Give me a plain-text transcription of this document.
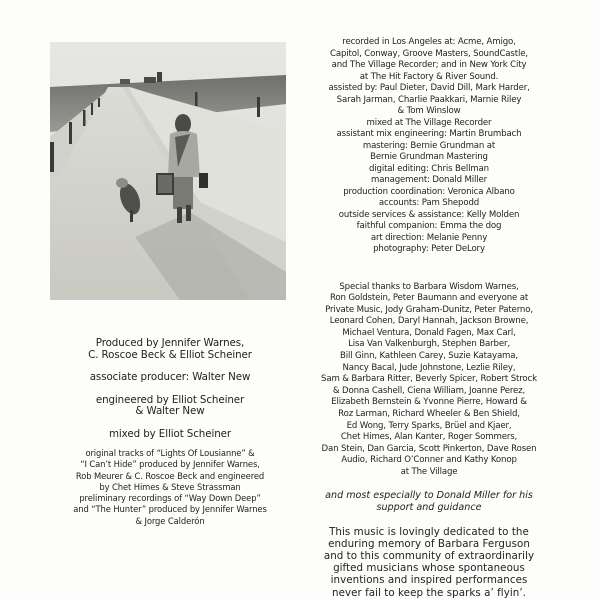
Produced by Jennifer Warnes,
C. Roscoe Beck & Elliot Scheiner
associate producer: Walter New
engineered by Elliot Scheiner
& Walter New
mixed by Elliot Scheiner
original tracks of “Lights Of Lousianne” &
“I Can’t Hide” produced by Jennifer Warnes,
Rob Meurer & C. Roscoe Beck and engineered
by Chet Himes & Steve Strassman
preliminary recordings of “Way Down Deep”
and “The Hunter” produced by Jennifer Warnes
& Jorge Calderón
recorded in Los Angeles at: Acme, Amigo,
Capitol, Conway, Groove Masters, SoundCastle,
and The Village Recorder; and in New York City
at The Hit Factory & River Sound.
assisted by: Paul Dieter, David Dill, Mark Harder,
Sarah Jarman, Charlie Paakkari, Marnie Riley
& Tom Winslow
mixed at The Village Recorder
assistant mix engineering: Martin Brumbach
mastering: Bernie Grundman at
Bernie Grundman Mastering
digital editing: Chris Bellman
management: Donald Miller
production coordination: Veronica Albano
accounts: Pam Shepodd
outside services & assistance: Kelly Molden
faithful companion: Emma the dog
art direction: Melanie Penny
photography: Peter DeLory
Special thanks to Barbara Wisdom Warnes,
Ron Goldstein, Peter Baumann and everyone at
Private Music, Jody Graham-Dunitz, Peter Paterno,
Leonard Cohen, Daryl Hannah, Jackson Browne,
Michael Ventura, Donald Fagen, Max Carl,
Lisa Van Valkenburgh, Stephen Barber,
Bill Ginn, Kathleen Carey, Suzie Katayama,
Nancy Bacal, Jude Johnstone, Lezlie Riley,
Sam & Barbara Ritter, Beverly Spicer, Robert Strock
& Donna Cashell, Ciena William, Joanne Perez,
Elizabeth Bernstein & Yvonne Pierre, Howard &
Roz Larman, Richard Wheeler & Ben Shield,
Ed Wong, Terry Sparks, Brüel and Kjaer,
Chet Himes, Alan Kanter, Roger Sommers,
Dan Stein, Dan Garcia, Scott Pinkerton, Dave Rosen
Audio, Richard O’Conner and Kathy Konop
at The Village
and most especially to Donald Miller for his
support and guidance
This music is lovingly dedicated to the
enduring memory of Barbara Ferguson
and to this community of extraordinarily
gifted musicians whose spontaneous
inventions and inspired performances
never fail to keep the sparks a’ flyin’.
